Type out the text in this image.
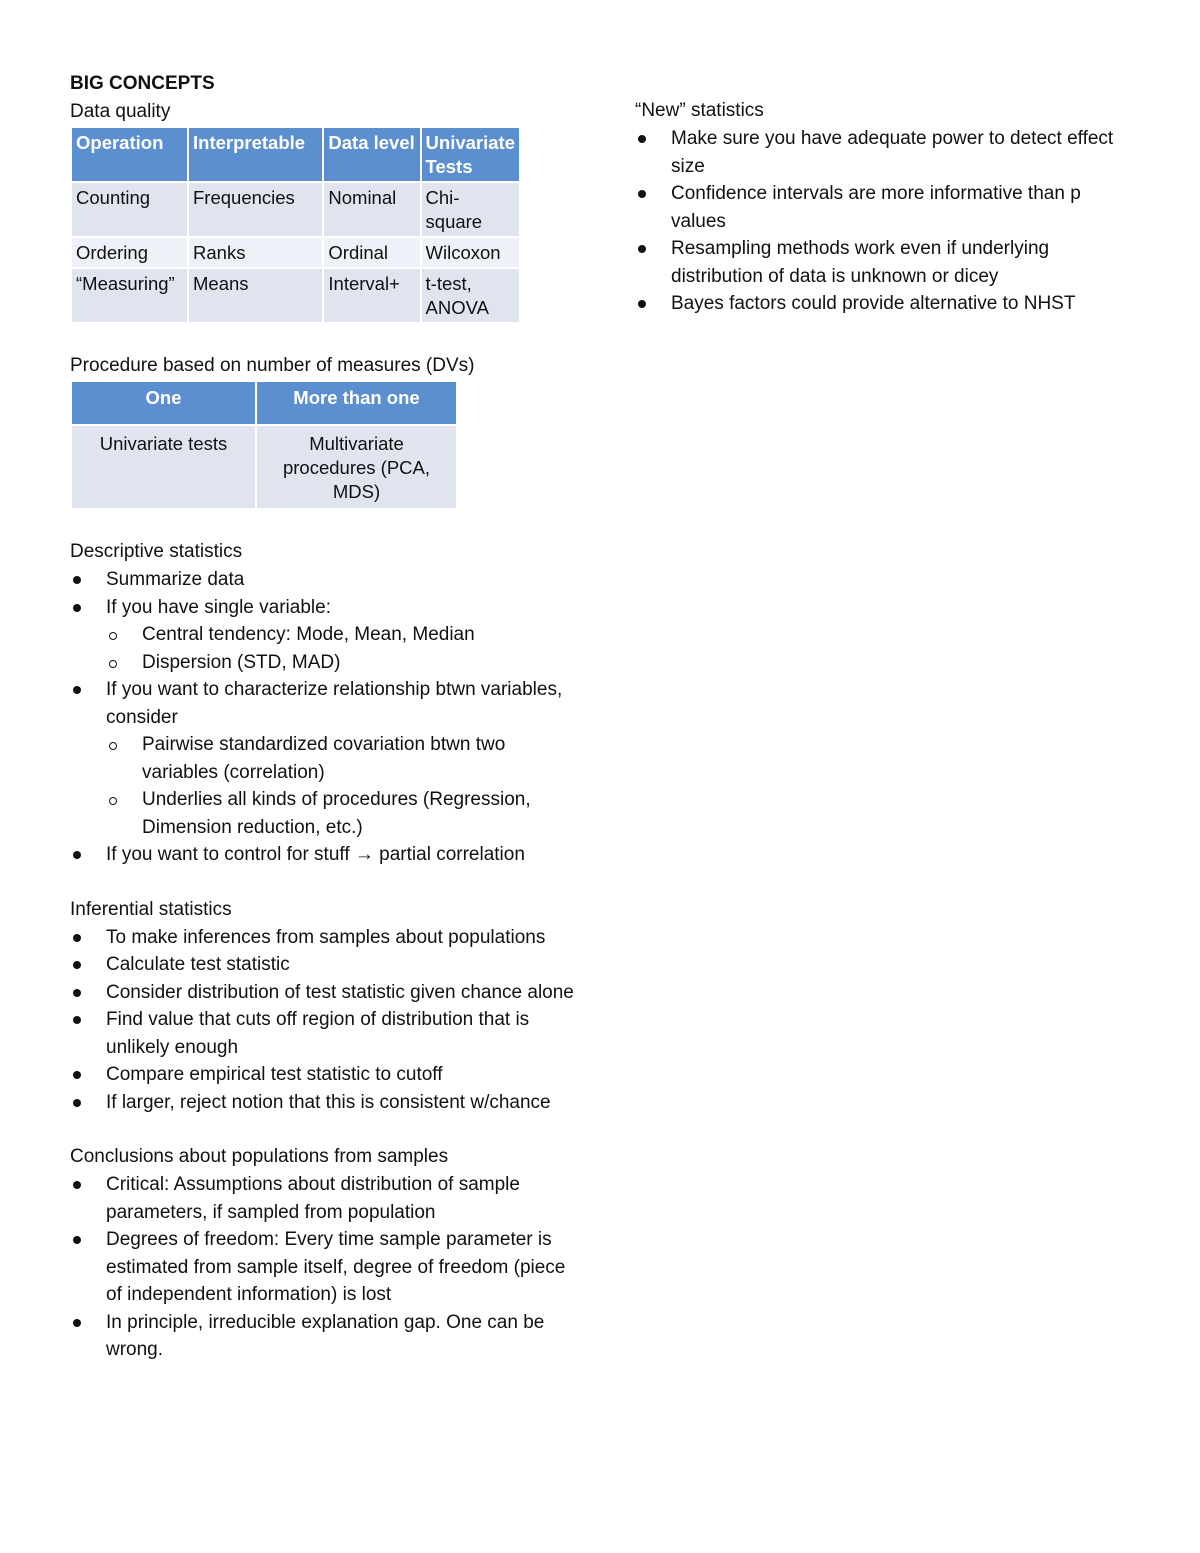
BIG CONCEPTS
Data quality
Operation	Interpretable	Data level	Univariate Tests
Counting	Frequencies	Nominal	Chi-square
Ordering	Ranks	Ordinal	Wilcoxon
“Measuring”	Means	Interval+	t-test, ANOVA
Procedure based on number of measures (DVs)
One	More than one
Univariate tests	Multivariate procedures (PCA, MDS)
Descriptive statistics
Summarize data
If you have single variable:
Central tendency: Mode, Mean, Median
Dispersion (STD, MAD)
If you want to characterize relationship btwn variables, consider
Pairwise standardized covariation btwn two variables (correlation)
Underlies all kinds of procedures (Regression, Dimension reduction, etc.)
If you want to control for stuff → partial correlation
Inferential statistics
To make inferences from samples about populations
Calculate test statistic
Consider distribution of test statistic given chance alone
Find value that cuts off region of distribution that is unlikely enough
Compare empirical test statistic to cutoff
If larger, reject notion that this is consistent w/chance
Conclusions about populations from samples
Critical: Assumptions about distribution of sample parameters, if sampled from population
Degrees of freedom: Every time sample parameter is estimated from sample itself, degree of freedom (piece of independent information) is lost
In principle, irreducible explanation gap. One can be wrong.
“New” statistics
Make sure you have adequate power to detect effect size
Confidence intervals are more informative than p values
Resampling methods work even if underlying distribution of data is unknown or dicey
Bayes factors could provide alternative to NHST
